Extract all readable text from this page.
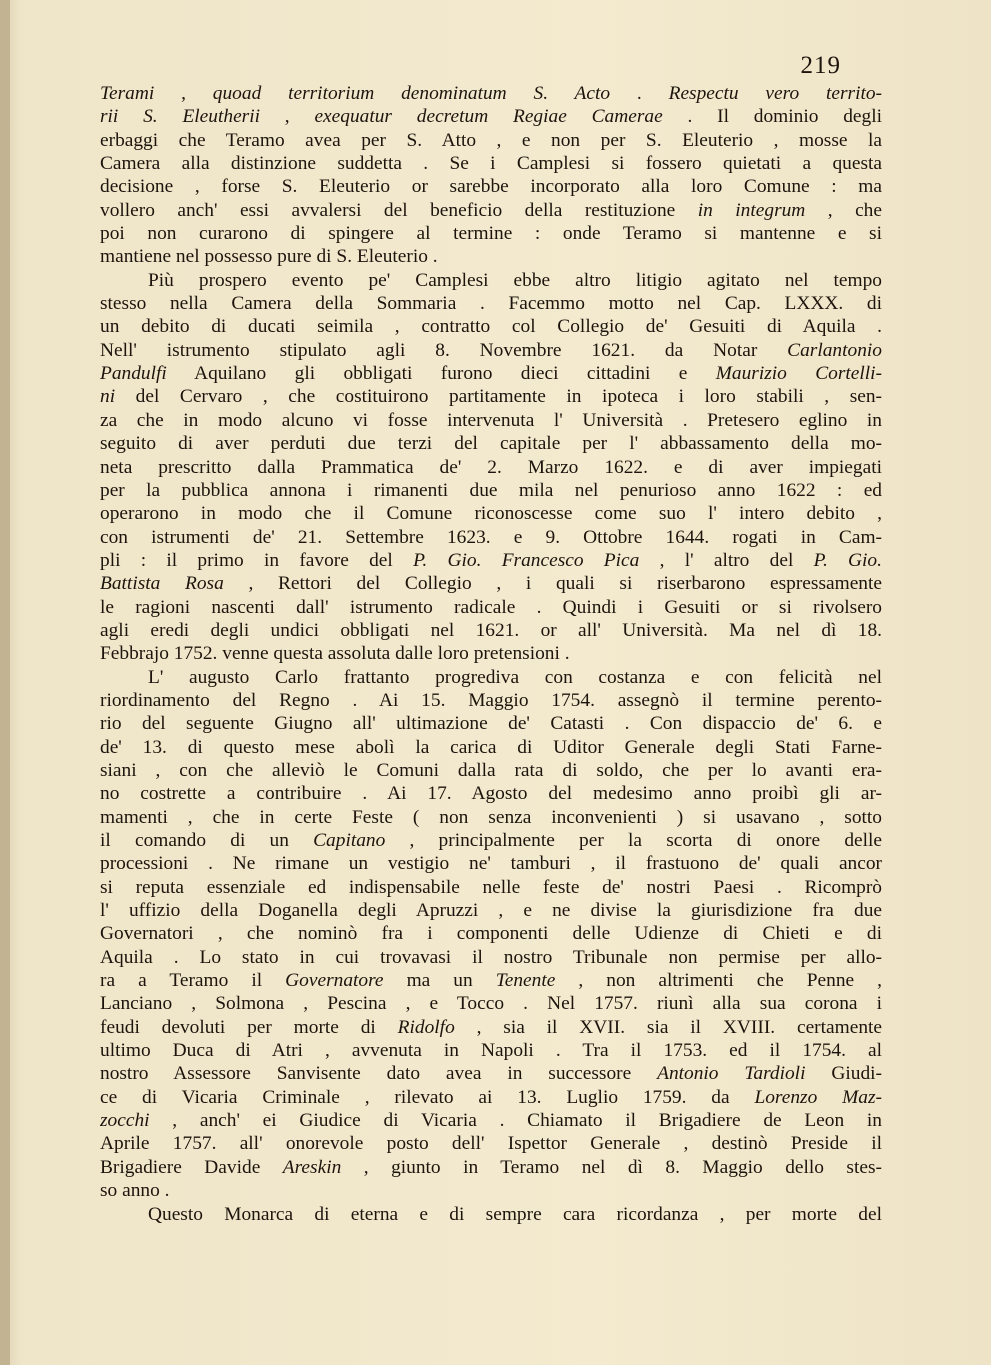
219
Terami , quoad territorium denominatum S. Acto . Respectu vero territo-
rii S. Eleutherii , exequatur decretum Regiae Camerae . Il dominio degli
erbaggi che Teramo avea per S. Atto , e non per S. Eleuterio , mosse la
Camera alla distinzione suddetta . Se i Camplesi si fossero quietati a questa
decisione , forse S. Eleuterio or sarebbe incorporato alla loro Comune : ma
vollero anch' essi avvalersi del beneficio della restituzione in integrum , che
poi non curarono di spingere al termine : onde Teramo si mantenne e si
mantiene nel possesso pure di S. Eleuterio .
Più prospero evento pe' Camplesi ebbe altro litigio agitato nel tempo
stesso nella Camera della Sommaria . Facemmo motto nel Cap. LXXX. di
un debito di ducati seimila , contratto col Collegio de' Gesuiti di Aquila .
Nell' istrumento stipulato agli 8. Novembre 1621. da Notar Carlantonio
Pandulfi Aquilano gli obbligati furono dieci cittadini e Maurizio Cortelli-
ni del Cervaro , che costituirono partitamente in ipoteca i loro stabili , sen-
za che in modo alcuno vi fosse intervenuta l' Università . Pretesero eglino in
seguito di aver perduti due terzi del capitale per l' abbassamento della mo-
neta prescritto dalla Prammatica de' 2. Marzo 1622. e di aver impiegati
per la pubblica annona i rimanenti due mila nel penurioso anno 1622 : ed
operarono in modo che il Comune riconoscesse come suo l' intero debito ,
con istrumenti de' 21. Settembre 1623. e 9. Ottobre 1644. rogati in Cam-
pli : il primo in favore del P. Gio. Francesco Pica , l' altro del P. Gio.
Battista Rosa , Rettori del Collegio , i quali si riserbarono espressamente
le ragioni nascenti dall' istrumento radicale . Quindi i Gesuiti or si rivolsero
agli eredi degli undici obbligati nel 1621. or all' Università. Ma nel dì 18.
Febbrajo 1752. venne questa assoluta dalle loro pretensioni .
L' augusto Carlo frattanto progrediva con costanza e con felicità nel
riordinamento del Regno . Ai 15. Maggio 1754. assegnò il termine perento-
rio del seguente Giugno all' ultimazione de' Catasti . Con dispaccio de' 6. e
de' 13. di questo mese abolì la carica di Uditor Generale degli Stati Farne-
siani , con che alleviò le Comuni dalla rata di soldo, che per lo avanti era-
no costrette a contribuire . Ai 17. Agosto del medesimo anno proibì gli ar-
mamenti , che in certe Feste ( non senza inconvenienti ) si usavano , sotto
il comando di un Capitano , principalmente per la scorta di onore delle
processioni . Ne rimane un vestigio ne' tamburi , il frastuono de' quali ancor
si reputa essenziale ed indispensabile nelle feste de' nostri Paesi . Ricomprò
l' uffizio della Doganella degli Apruzzi , e ne divise la giurisdizione fra due
Governatori , che nominò fra i componenti delle Udienze di Chieti e di
Aquila . Lo stato in cui trovavasi il nostro Tribunale non permise per allo-
ra a Teramo il Governatore ma un Tenente , non altrimenti che Penne ,
Lanciano , Solmona , Pescina , e Tocco . Nel 1757. riunì alla sua corona i
feudi devoluti per morte di Ridolfo , sia il XVII. sia il XVIII. certamente
ultimo Duca di Atri , avvenuta in Napoli . Tra il 1753. ed il 1754. al
nostro Assessore Sanvisente dato avea in successore Antonio Tardioli Giudi-
ce di Vicaria Criminale , rilevato ai 13. Luglio 1759. da Lorenzo Maz-
zocchi , anch' ei Giudice di Vicaria . Chiamato il Brigadiere de Leon in
Aprile 1757. all' onorevole posto dell' Ispettor Generale , destinò Preside il
Brigadiere Davide Areskin , giunto in Teramo nel dì 8. Maggio dello stes-
so anno .
Questo Monarca di eterna e di sempre cara ricordanza , per morte del
